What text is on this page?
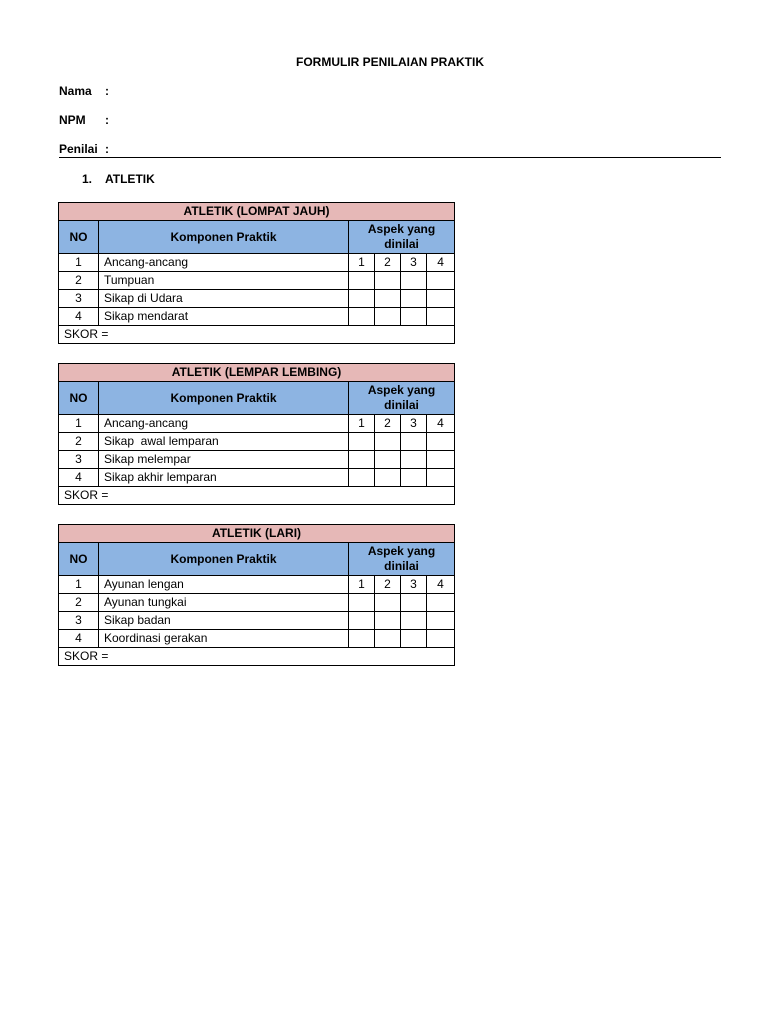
FORMULIR PENILAIAN PRAKTIK
Nama :
NPM :
Penilai :
1. ATLETIK
ATLETIK (LOMPAT JAUH)					
NO	Komponen Praktik	Aspek yang dinilai			
1	Ancang-ancang	1	2	3	4
2	Tumpuan				
3	Sikap di Udara				
4	Sikap mendarat				
SKOR =					
ATLETIK (LEMPAR LEMBING)					
NO	Komponen Praktik	Aspek yang dinilai			
1	Ancang-ancang	1	2	3	4
2	Sikap  awal lemparan				
3	Sikap melempar				
4	Sikap akhir lemparan				
SKOR =					
ATLETIK (LARI)					
NO	Komponen Praktik	Aspek yang dinilai			
1	Ayunan lengan	1	2	3	4
2	Ayunan tungkai				
3	Sikap badan				
4	Koordinasi gerakan				
SKOR =					
